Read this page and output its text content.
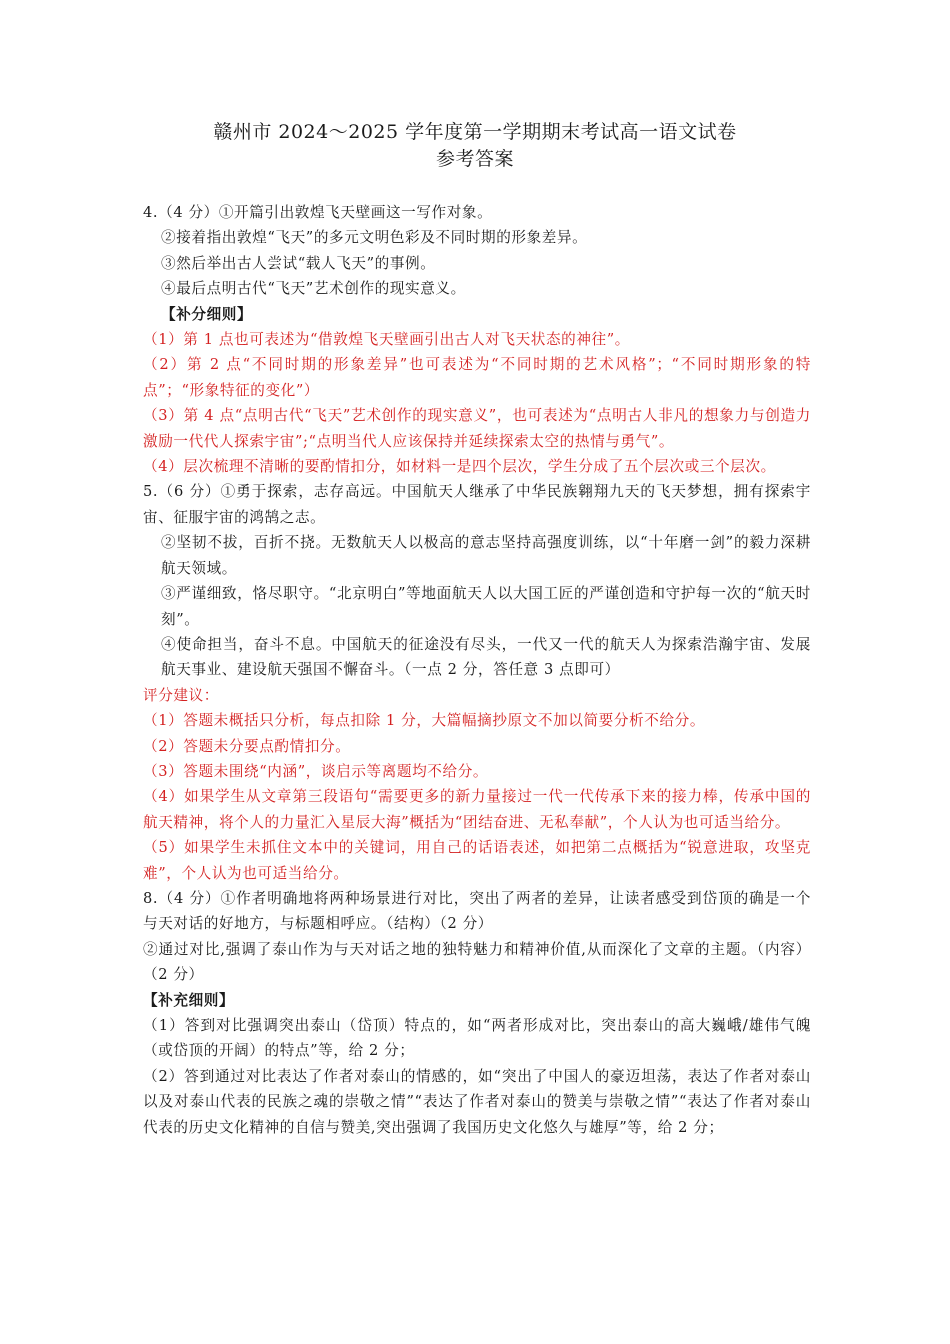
赣州市 2024～2025 学年度第一学期期末考试高一语文试卷
参考答案

4.（4 分）①开篇引出敦煌飞天壁画这一写作对象。

②接着指出敦煌“飞天”的多元文明色彩及不同时期的形象差异。

③然后举出古人尝试“载人飞天”的事例。

④最后点明古代“飞天”艺术创作的现实意义。

【补分细则】

（1）第 1 点也可表述为“借敦煌飞天壁画引出古人对飞天状态的神往”。

（2）第 2 点“不同时期的形象差异”也可表述为“不同时期的艺术风格”；“不同时期形象的特点”；“形象特征的变化”）

（3）第 4 点“点明古代“飞天”艺术创作的现实意义”，也可表述为“点明古人非凡的想象力与创造力激励一代代人探索宇宙”;“点明当代人应该保持并延续探索太空的热情与勇气”。

（4）层次梳理不清晰的要酌情扣分，如材料一是四个层次，学生分成了五个层次或三个层次。

5.（6 分）①勇于探索，志存高远。中国航天人继承了中华民族翱翔九天的飞天梦想，拥有探索宇宙、征服宇宙的鸿鹄之志。

②坚韧不拔，百折不挠。无数航天人以极高的意志坚持高强度训练，以“十年磨一剑”的毅力深耕航天领域。

③严谨细致，恪尽职守。“北京明白”等地面航天人以大国工匠的严谨创造和守护每一次的“航天时刻”。

④使命担当，奋斗不息。中国航天的征途没有尽头，一代又一代的航天人为探索浩瀚宇宙、发展航天事业、建设航天强国不懈奋斗。（一点 2 分，答任意 3 点即可）

评分建议：

（1）答题未概括只分析，每点扣除 1 分，大篇幅摘抄原文不加以简要分析不给分。

（2）答题未分要点酌情扣分。

（3）答题未围绕“内涵”，谈启示等离题均不给分。

（4）如果学生从文章第三段语句“需要更多的新力量接过一代一代传承下来的接力棒，传承中国的航天精神，将个人的力量汇入星辰大海”概括为“团结奋进、无私奉献”，个人认为也可适当给分。

（5）如果学生未抓住文本中的关键词，用自己的话语表述，如把第二点概括为“锐意进取，攻坚克难”，个人认为也可适当给分。

8.（4 分）①作者明确地将两种场景进行对比，突出了两者的差异，让读者感受到岱顶的确是一个与天对话的好地方，与标题相呼应。（结构）（2 分）

②通过对比,强调了泰山作为与天对话之地的独特魅力和精神价值,从而深化了文章的主题。（内容）（2 分）

【补充细则】

（1）答到对比强调突出泰山（岱顶）特点的，如“两者形成对比，突出泰山的高大巍峨/雄伟气魄（或岱顶的开阔）的特点”等，给 2 分；

（2）答到通过对比表达了作者对泰山的情感的，如“突出了中国人的豪迈坦荡，表达了作者对泰山以及对泰山代表的民族之魂的崇敬之情”“表达了作者对泰山的赞美与崇敬之情”“表达了作者对泰山代表的历史文化精神的自信与赞美,突出强调了我国历史文化悠久与雄厚”等，给 2 分；
